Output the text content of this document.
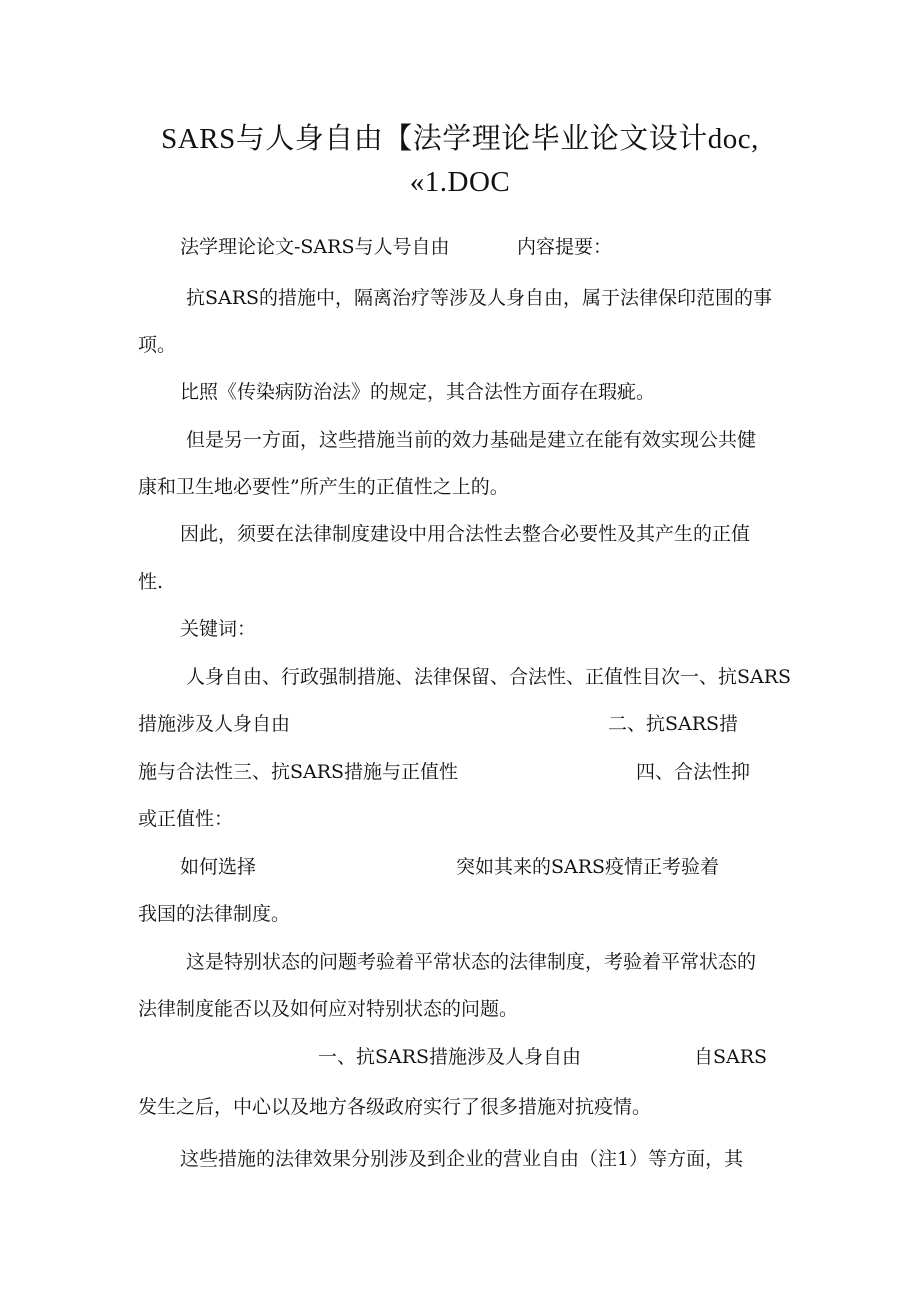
SARS与人身自由【法学理论毕业论文设计doc,
«1.DOC
法学理论论文-SARS与人号自由	内容提要：
抗SARS的措施中，隔离治疗等涉及人身自由，属于法律保印范围的事
项。
比照《传染病防治法》的规定，其合法性方面存在瑕疵。
但是另一方面，这些措施当前的效力基础是建立在能有效实现公共健
康和卫生地必要性”所产生的正值性之上的。
因此，须要在法律制度建设中用合法性去整合必要性及其产生的正值
性.
关键词：
人身自由、行政强制措施、法律保留、合法性、正值性目次一、抗SARS
措施涉及人身自由	二、抗SARS措
施与合法性三、抗SARS措施与正值性	四、合法性抑
或正值性：
如何选择	突如其来的SARS疫情正考验着
我国的法律制度。
这是特别状态的问题考验着平常状态的法律制度，考验着平常状态的
法律制度能否以及如何应对特别状态的问题。
一、抗SARS措施涉及人身自由	自SARS
发生之后，中心以及地方各级政府实行了很多措施对抗疫情。
这些措施的法律效果分别涉及到企业的营业自由（注1）等方面，其
